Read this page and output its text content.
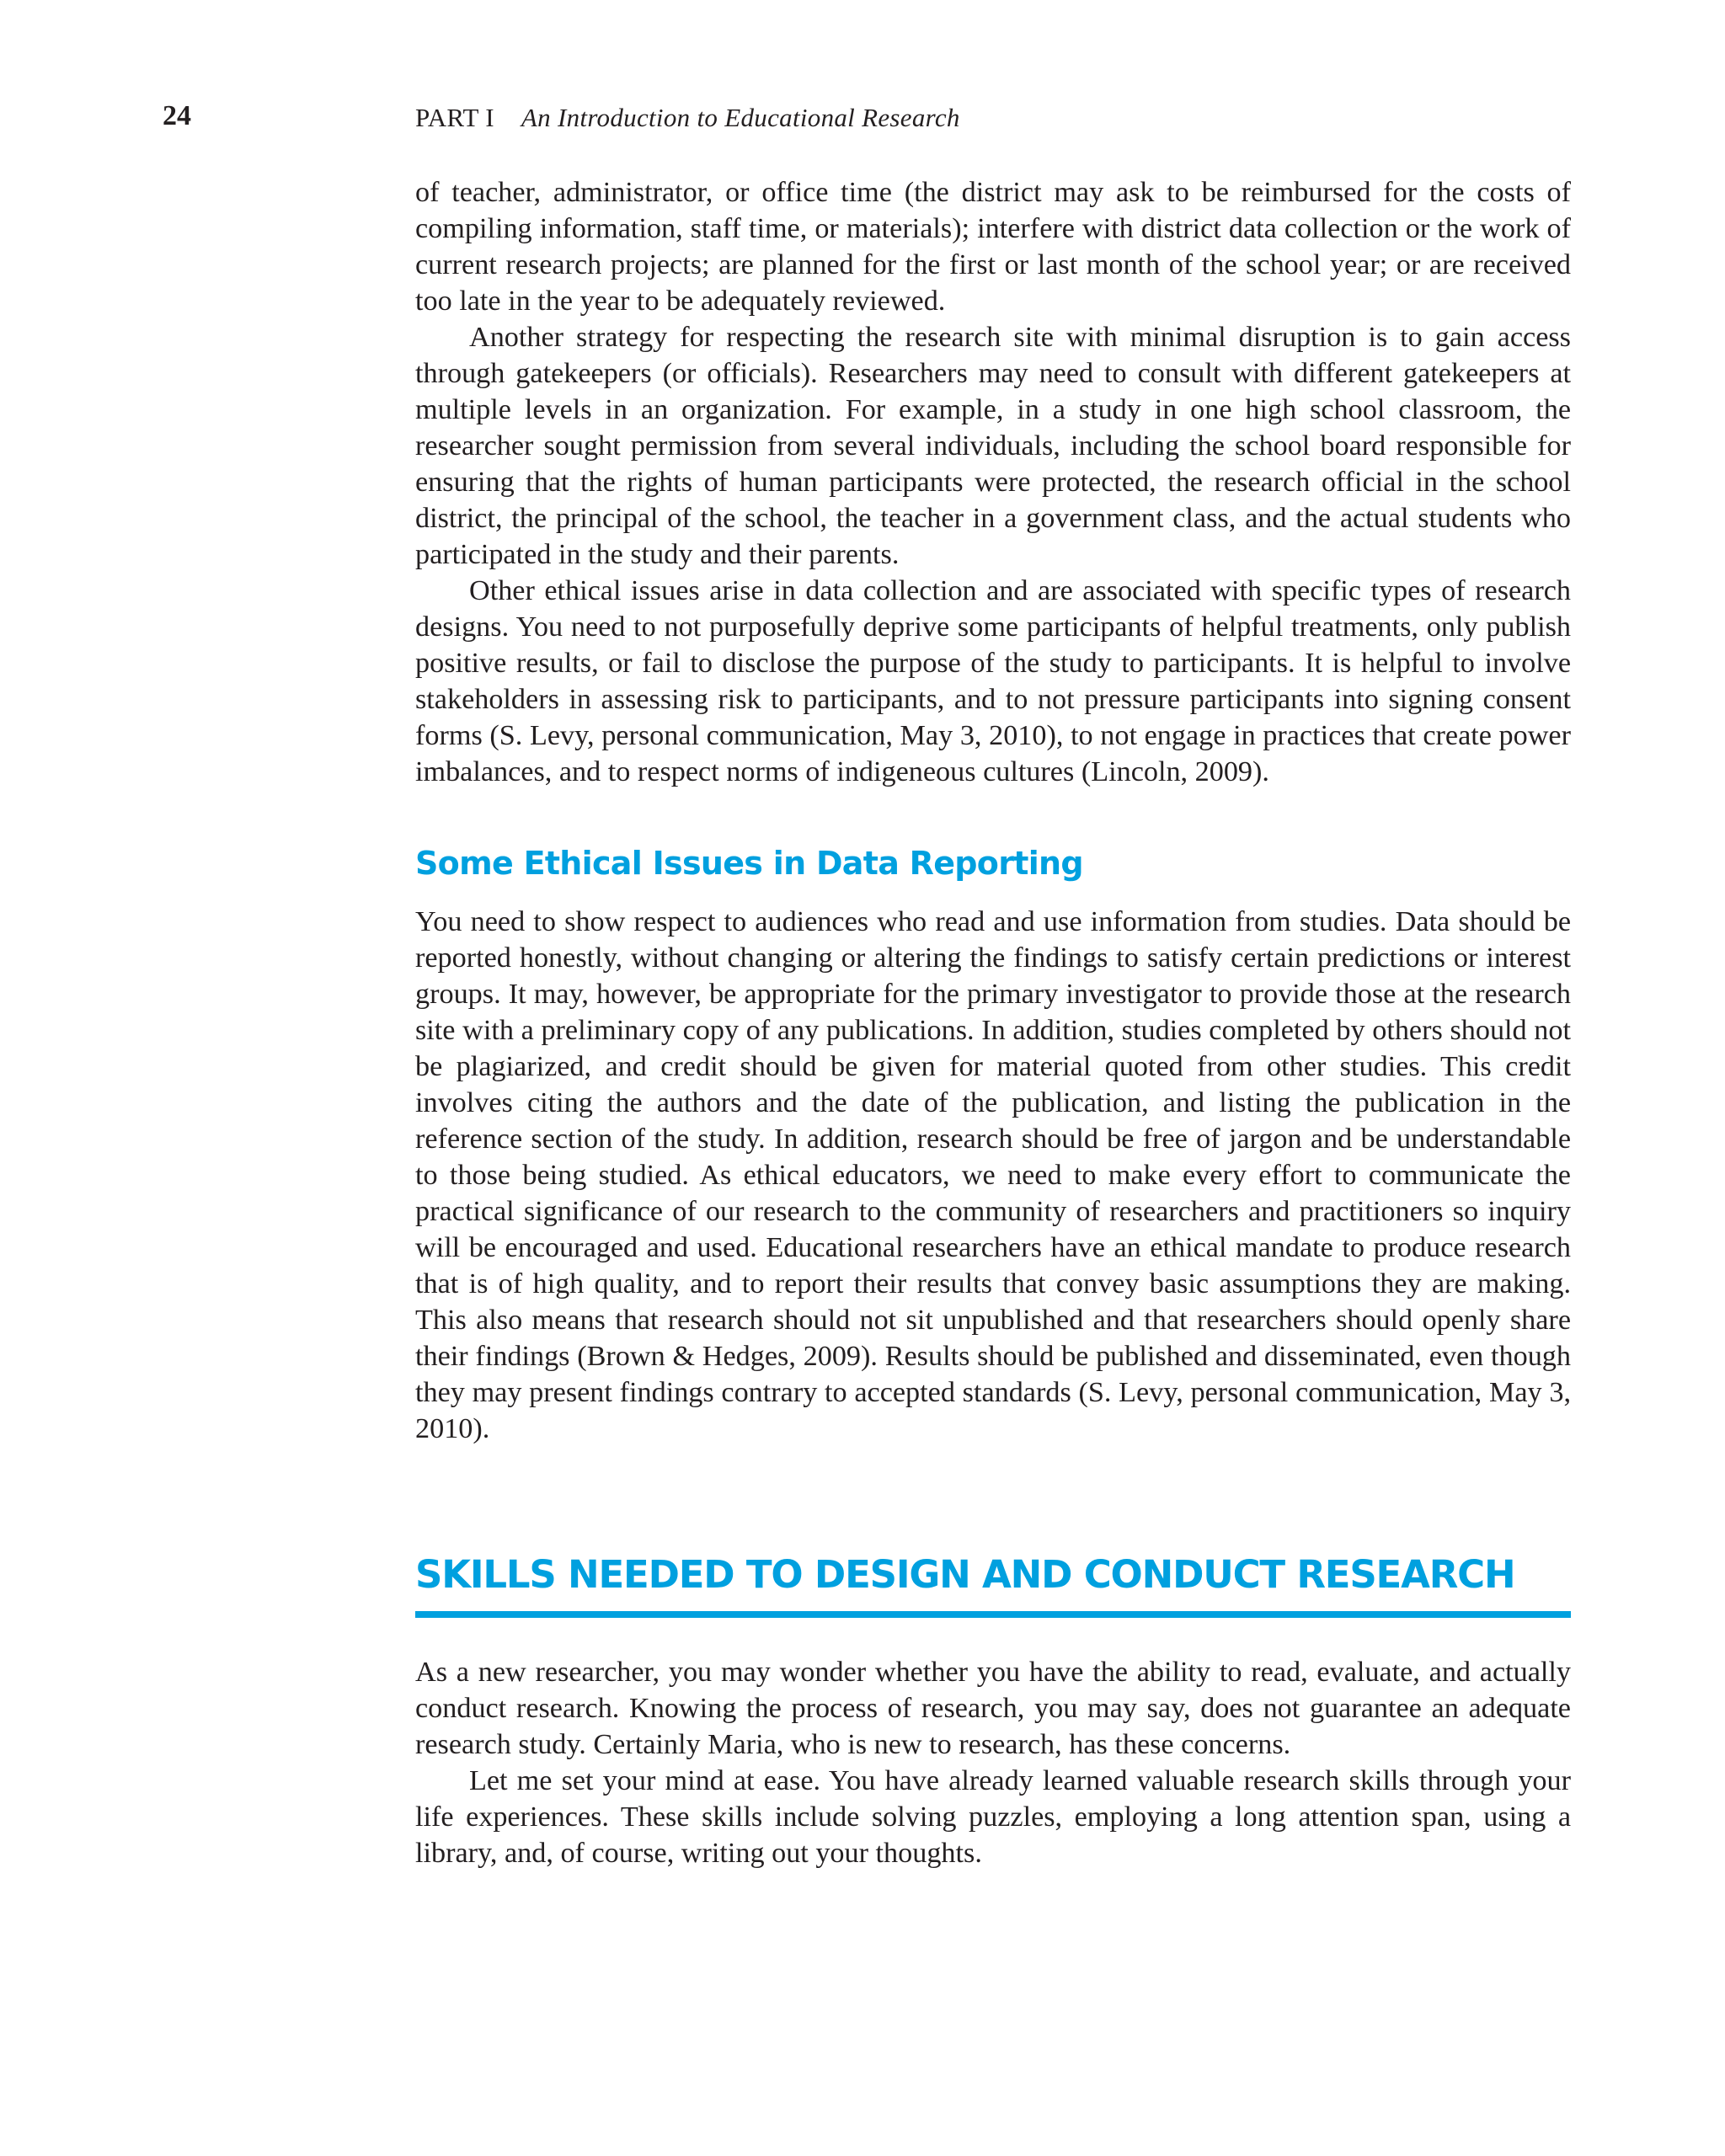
24	PART I An Introduction to Educational Research

of teacher, administrator, or office time (the district may ask to be reimbursed for the costs of compiling information, staff time, or materials); interfere with district data collection or the work of current research projects; are planned for the first or last month of the school year; or are received too late in the year to be adequately reviewed.

Another strategy for respecting the research site with minimal disruption is to gain access through gatekeepers (or officials). Researchers may need to consult with different gatekeepers at multiple levels in an organization. For example, in a study in one high school classroom, the researcher sought permission from several individuals, including the school board responsible for ensuring that the rights of human participants were protected, the research official in the school district, the principal of the school, the teacher in a government class, and the actual students who participated in the study and their parents.

Other ethical issues arise in data collection and are associated with specific types of research designs. You need to not purposefully deprive some participants of helpful treatments, only publish positive results, or fail to disclose the purpose of the study to participants. It is helpful to involve stakeholders in assessing risk to participants, and to not pressure participants into signing consent forms (S. Levy, personal communication, May 3, 2010), to not engage in practices that create power imbalances, and to respect norms of indigeneous cultures (Lincoln, 2009).

Some Ethical Issues in Data Reporting

You need to show respect to audiences who read and use information from studies. Data should be reported honestly, without changing or altering the findings to satisfy certain predictions or interest groups. It may, however, be appropriate for the primary investigator to provide those at the research site with a preliminary copy of any publications. In addition, studies completed by others should not be plagiarized, and credit should be given for material quoted from other studies. This credit involves citing the authors and the date of the publication, and listing the publication in the reference section of the study. In addition, research should be free of jargon and be understandable to those being studied. As ethical educators, we need to make every effort to communicate the practical significance of our research to the community of researchers and practitioners so inquiry will be encouraged and used. Educational researchers have an ethical mandate to produce research that is of high quality, and to report their results that convey basic assumptions they are making. This also means that research should not sit unpublished and that researchers should openly share their findings (Brown & Hedges, 2009). Results should be published and disseminated, even though they may present findings contrary to accepted standards (S. Levy, personal communication, May 3, 2010).

SKILLS NEEDED TO DESIGN AND CONDUCT RESEARCH

As a new researcher, you may wonder whether you have the ability to read, evaluate, and actually conduct research. Knowing the process of research, you may say, does not guarantee an adequate research study. Certainly Maria, who is new to research, has these concerns.

Let me set your mind at ease. You have already learned valuable research skills through your life experiences. These skills include solving puzzles, employing a long attention span, using a library, and, of course, writing out your thoughts.
